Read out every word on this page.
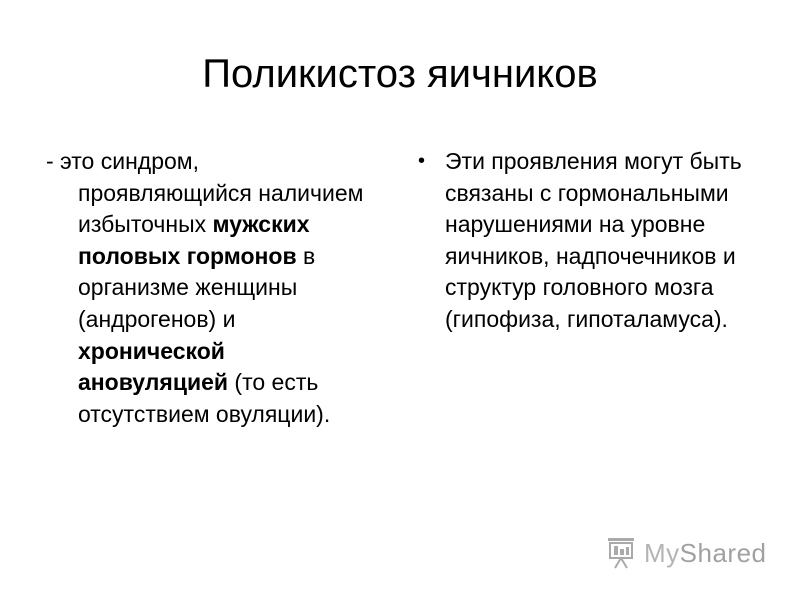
Поликистоз яичников

- это синдром, проявляющийся наличием избыточных мужских половых гормонов в организме женщины (андрогенов) и хронической ановуляцией (то есть отсутствием овуляции).

• Эти проявления могут быть связаны с гормональными нарушениями на уровне яичников, надпочечников и структур головного мозга (гипофиза, гипоталамуса).

MyShared
